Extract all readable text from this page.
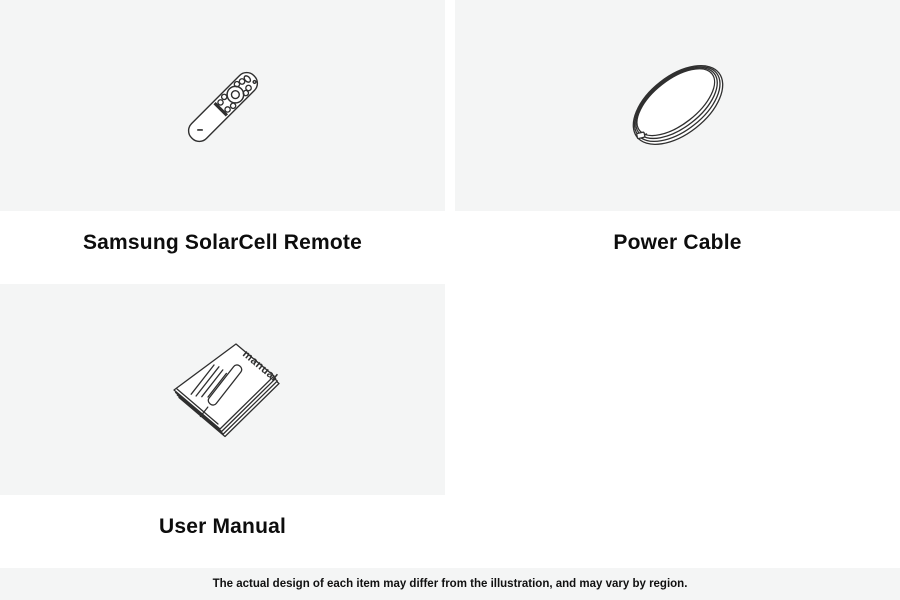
Samsung SolarCell Remote	Power Cable
manual
User Manual
The actual design of each item may differ from the illustration, and may vary by region.
